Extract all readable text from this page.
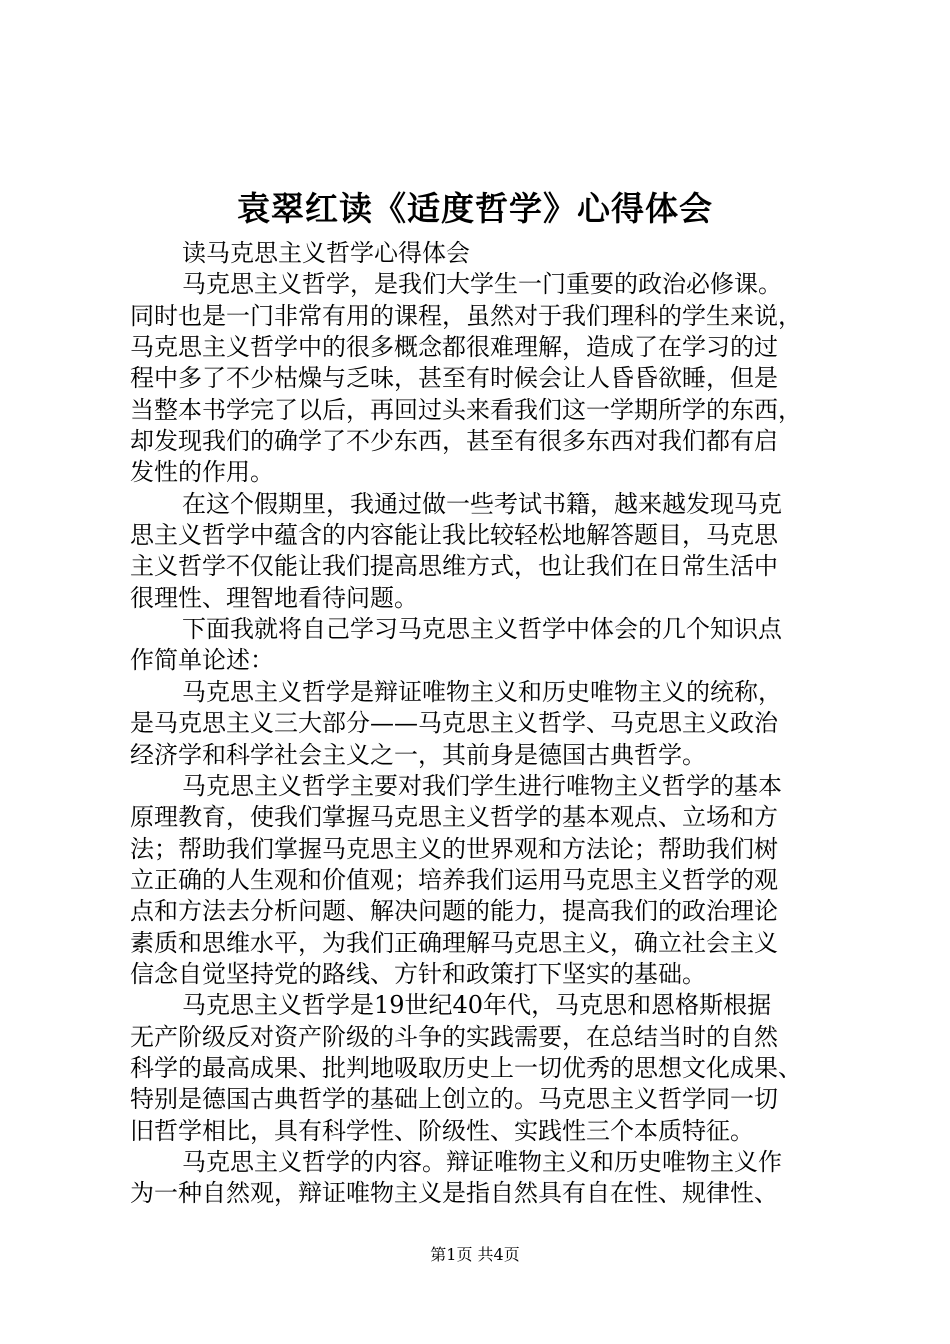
袁翠红读《适度哲学》心得体会
读马克思主义哲学心得体会
马克思主义哲学，是我们大学生一门重要的政治必修课。
同时也是一门非常有用的课程，虽然对于我们理科的学生来说，
马克思主义哲学中的很多概念都很难理解，造成了在学习的过
程中多了不少枯燥与乏味，甚至有时候会让人昏昏欲睡，但是
当整本书学完了以后，再回过头来看我们这一学期所学的东西，
却发现我们的确学了不少东西，甚至有很多东西对我们都有启
发性的作用。
在这个假期里，我通过做一些考试书籍，越来越发现马克
思主义哲学中蕴含的内容能让我比较轻松地解答题目，马克思
主义哲学不仅能让我们提高思维方式，也让我们在日常生活中
很理性、理智地看待问题。
下面我就将自己学习马克思主义哲学中体会的几个知识点
作简单论述：
马克思主义哲学是辩证唯物主义和历史唯物主义的统称，
是马克思主义三大部分——马克思主义哲学、马克思主义政治
经济学和科学社会主义之一，其前身是德国古典哲学。
马克思主义哲学主要对我们学生进行唯物主义哲学的基本
原理教育，使我们掌握马克思主义哲学的基本观点、立场和方
法；帮助我们掌握马克思主义的世界观和方法论；帮助我们树
立正确的人生观和价值观；培养我们运用马克思主义哲学的观
点和方法去分析问题、解决问题的能力，提高我们的政治理论
素质和思维水平，为我们正确理解马克思主义，确立社会主义
信念自觉坚持党的路线、方针和政策打下坚实的基础。
马克思主义哲学是19世纪40年代，马克思和恩格斯根据
无产阶级反对资产阶级的斗争的实践需要，在总结当时的自然
科学的最高成果、批判地吸取历史上一切优秀的思想文化成果、
特别是德国古典哲学的基础上创立的。马克思主义哲学同一切
旧哲学相比，具有科学性、阶级性、实践性三个本质特征。
马克思主义哲学的内容。辩证唯物主义和历史唯物主义作
为一种自然观，辩证唯物主义是指自然具有自在性、规律性、
第1页 共4页
